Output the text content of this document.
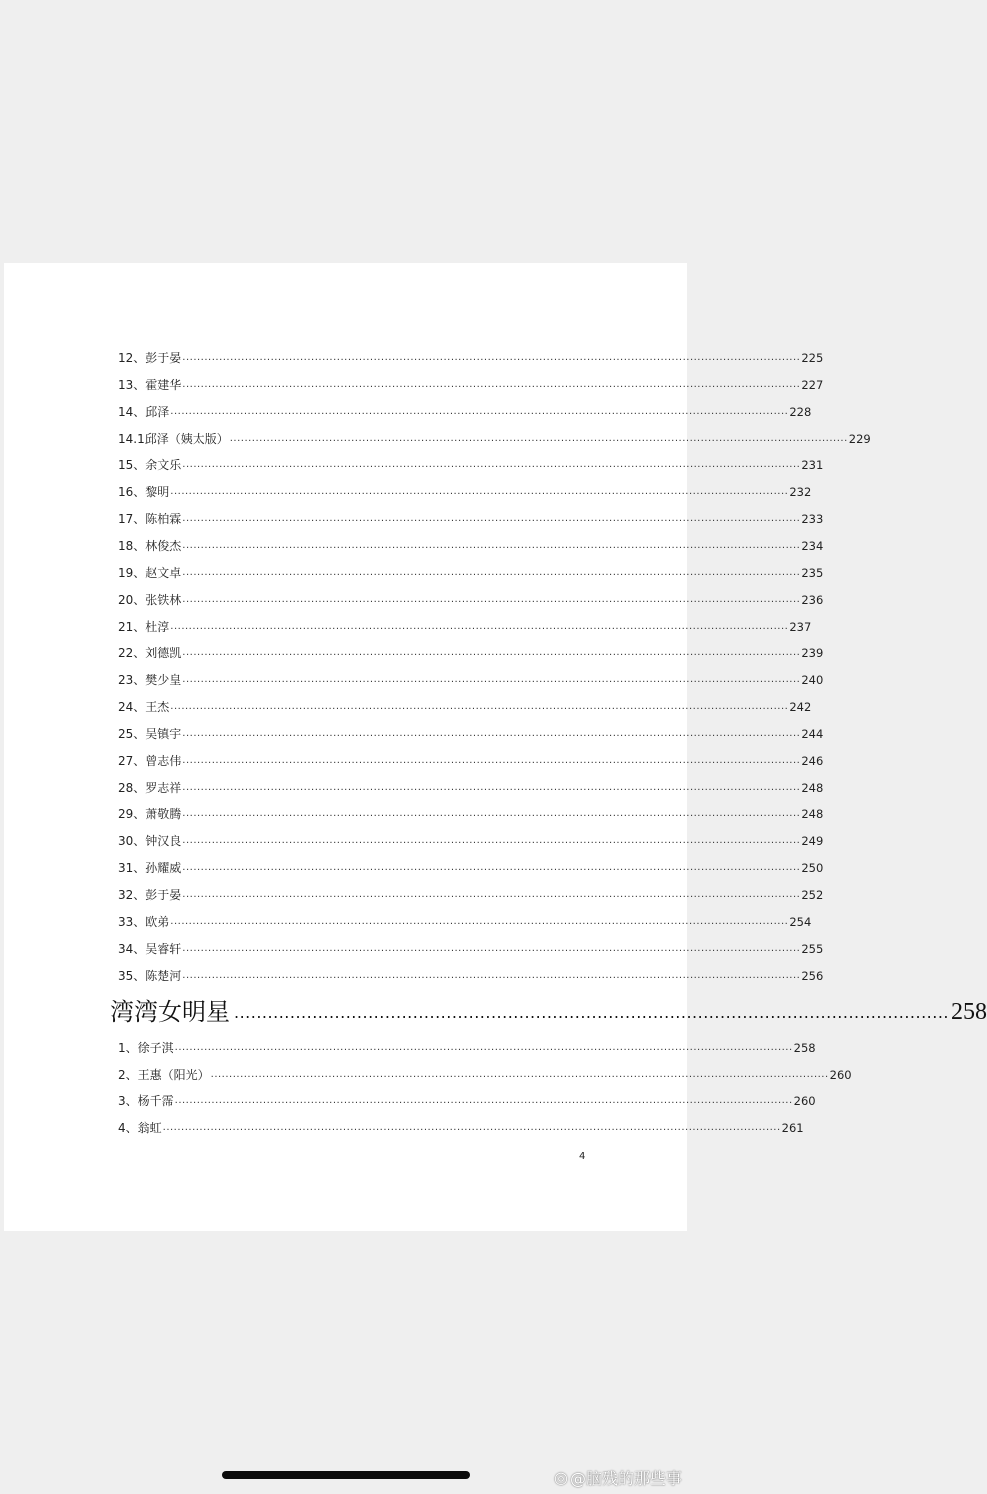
12、彭于晏 ........................................................................................................................................................................ 225
13、霍建华 ........................................................................................................................................................................ 227
14、邱泽 ........................................................................................................................................................................ 228
14.1邱泽（姨太版） ........................................................................................................................................................................ 229
15、余文乐 ........................................................................................................................................................................ 231
16、黎明 ........................................................................................................................................................................ 232
17、陈柏霖 ........................................................................................................................................................................ 233
18、林俊杰 ........................................................................................................................................................................ 234
19、赵文卓 ........................................................................................................................................................................ 235
20、张铁林 ........................................................................................................................................................................ 236
21、杜淳 ........................................................................................................................................................................ 237
22、刘德凯 ........................................................................................................................................................................ 239
23、樊少皇 ........................................................................................................................................................................ 240
24、王杰 ........................................................................................................................................................................ 242
25、吴镇宇 ........................................................................................................................................................................ 244
27、曾志伟 ........................................................................................................................................................................ 246
28、罗志祥 ........................................................................................................................................................................ 248
29、萧敬腾 ........................................................................................................................................................................ 248
30、钟汉良 ........................................................................................................................................................................ 249
31、孙耀威 ........................................................................................................................................................................ 250
32、彭于晏 ........................................................................................................................................................................ 252
33、欧弟 ........................................................................................................................................................................ 254
34、吴睿轩 ........................................................................................................................................................................ 255
35、陈楚河 ........................................................................................................................................................................ 256
1、徐子淇 ........................................................................................................................................................................ 258
2、王惠（阳光） ........................................................................................................................................................................ 260
3、杨千霈 ........................................................................................................................................................................ 260
4、翁虹 ........................................................................................................................................................................ 261
湾湾女明星 ................................................................................................................................ 258
4
◎ @脑残的那些事
